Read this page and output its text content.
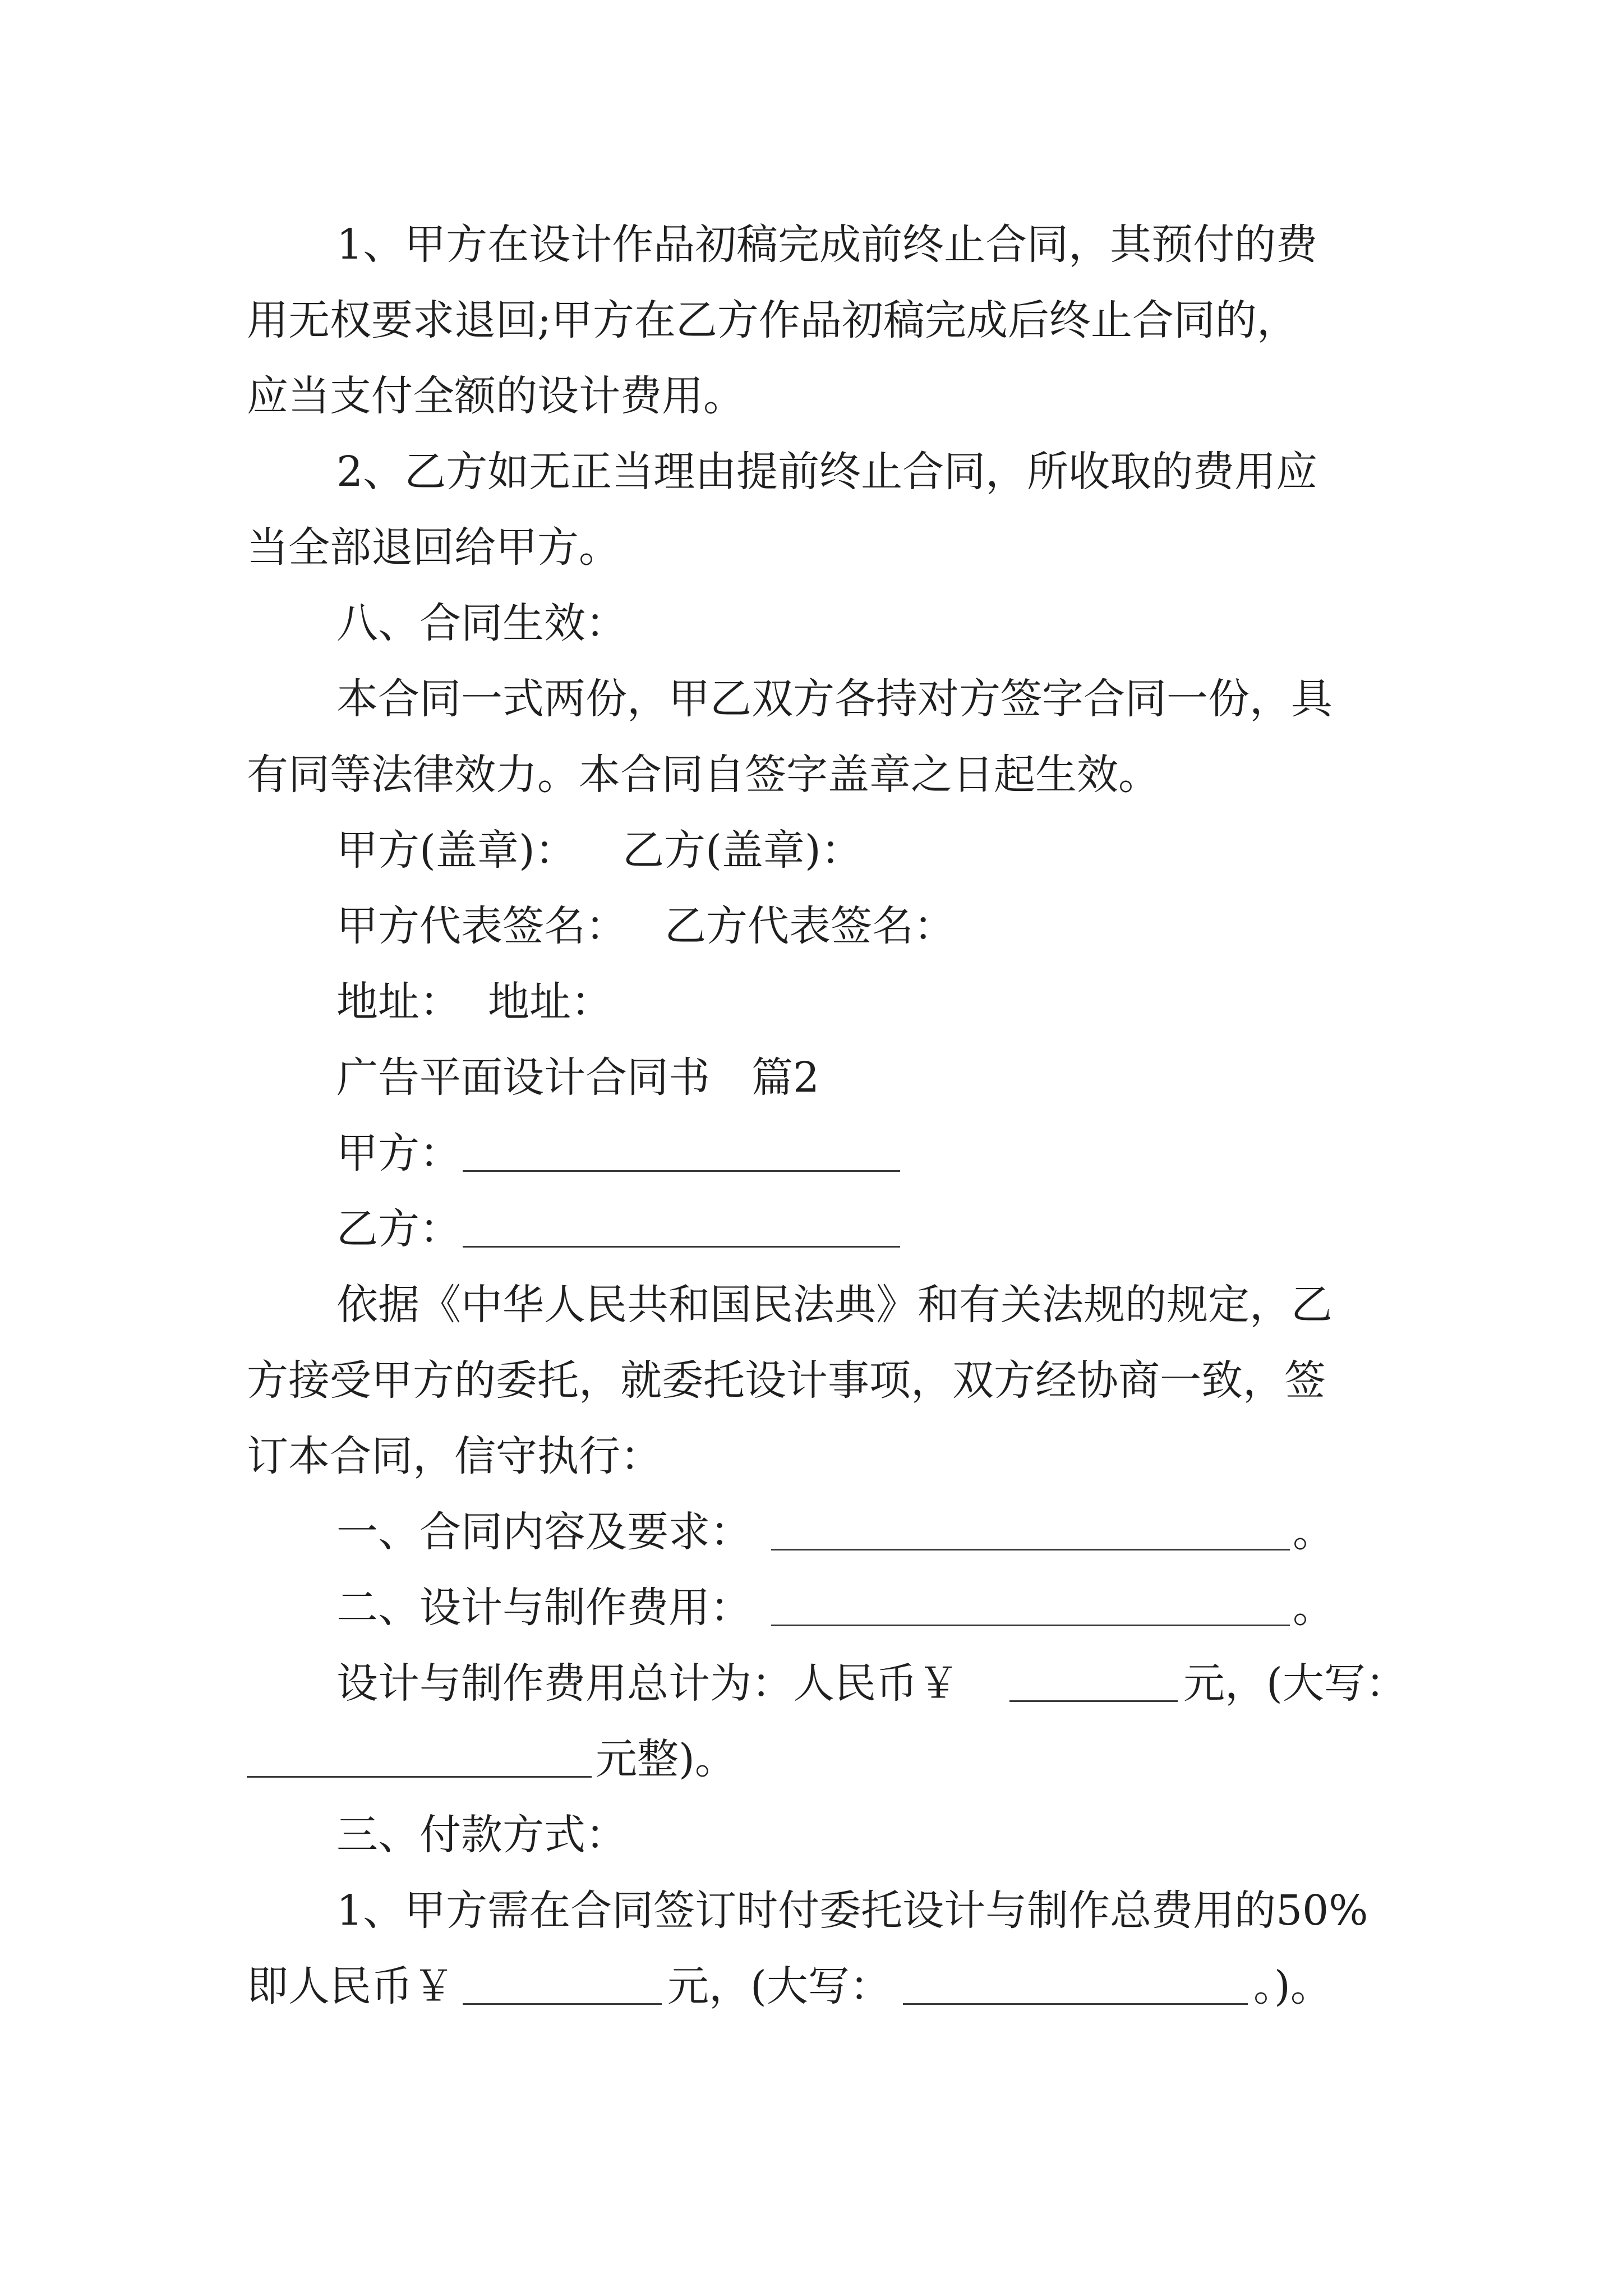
1、甲方在设计作品初稿完成前终止合同，其预付的费
用无权要求退回;甲方在乙方作品初稿完成后终止合同的，
应当支付全额的设计费用。
2、乙方如无正当理由提前终止合同，所收取的费用应
当全部退回给甲方。
八、合同生效：
本合同一式两份，甲乙双方各持对方签字合同一份，具
有同等法律效力。本合同自签字盖章之日起生效。
甲方(盖章)： 乙方(盖章)：
甲方代表签名： 乙方代表签名：
地址： 地址：
广告平面设计合同书 篇2
甲方：
乙方：
依据《中华人民共和国民法典》和有关法规的规定，乙
方接受甲方的委托，就委托设计事项，双方经协商一致，签
订本合同，信守执行：
一、合同内容及要求：	。
二、设计与制作费用：	。
设计与制作费用总计为：人民币￥	元，(大写：
元整)。
三、付款方式：
1、甲方需在合同签订时付委托设计与制作总费用的50%
即人民币￥	元，(大写：	。)。
